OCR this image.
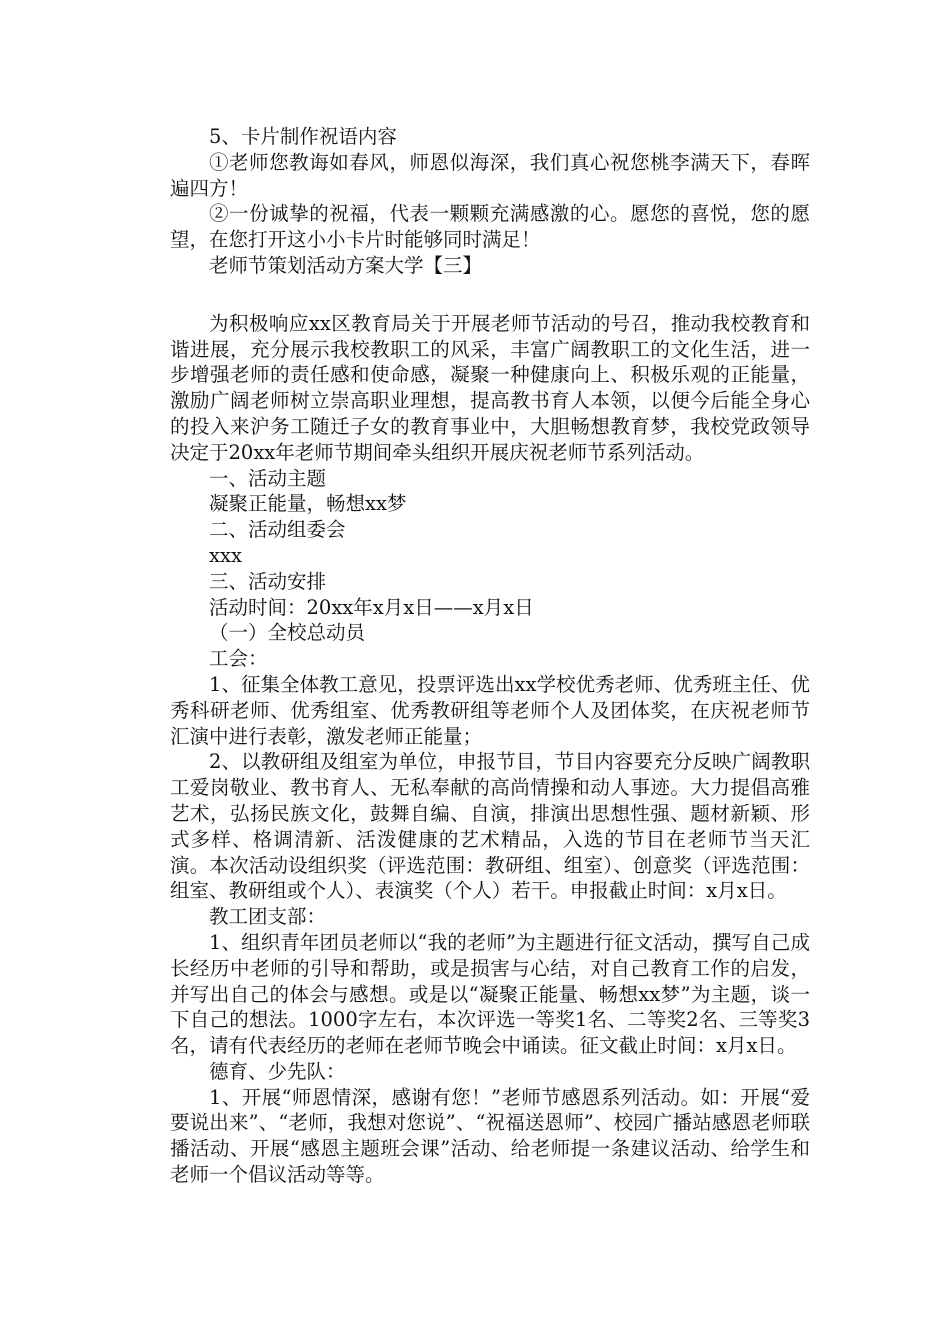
5、卡片制作祝语内容

①老师您教诲如春风，师恩似海深，我们真心祝您桃李满天下，春晖遍四方！

②一份诚挚的祝福，代表一颗颗充满感激的心。愿您的喜悦，您的愿望，在您打开这小小卡片时能够同时满足！

老师节策划活动方案大学【三】

为积极响应xx区教育局关于开展老师节活动的号召，推动我校教育和谐进展，充分展示我校教职工的风采，丰富广阔教职工的文化生活，进一步增强老师的责任感和使命感，凝聚一种健康向上、积极乐观的正能量，激励广阔老师树立崇高职业理想，提高教书育人本领，以便今后能全身心的投入来沪务工随迁子女的教育事业中，大胆畅想教育梦，我校党政领导决定于20xx年老师节期间牵头组织开展庆祝老师节系列活动。

一、活动主题

凝聚正能量，畅想xx梦

二、活动组委会

xxx

三、活动安排

活动时间：20xx年x月x日——x月x日

（一）全校总动员

工会：

1、征集全体教工意见，投票评选出xx学校优秀老师、优秀班主任、优秀科研老师、优秀组室、优秀教研组等老师个人及团体奖，在庆祝老师节汇演中进行表彰，激发老师正能量；

2、以教研组及组室为单位，申报节目，节目内容要充分反映广阔教职工爱岗敬业、教书育人、无私奉献的高尚情操和动人事迹。大力提倡高雅艺术，弘扬民族文化，鼓舞自编、自演，排演出思想性强、题材新颖、形式多样、格调清新、活泼健康的艺术精品，入选的节目在老师节当天汇演。本次活动设组织奖（评选范围：教研组、组室）、创意奖（评选范围：组室、教研组或个人）、表演奖（个人）若干。申报截止时间：x月x日。

教工团支部：

1、组织青年团员老师以“我的老师”为主题进行征文活动，撰写自己成长经历中老师的引导和帮助，或是损害与心结，对自己教育工作的启发，并写出自己的体会与感想。或是以“凝聚正能量、畅想xx梦”为主题，谈一下自己的想法。1000字左右，本次评选一等奖1名、二等奖2名、三等奖3名，请有代表经历的老师在老师节晚会中诵读。征文截止时间：x月x日。

德育、少先队：

1、开展“师恩情深，感谢有您！”老师节感恩系列活动。如：开展“爱要说出来”、“老师，我想对您说”、“祝福送恩师”、校园广播站感恩老师联播活动、开展“感恩主题班会课”活动、给老师提一条建议活动、给学生和老师一个倡议活动等等。
